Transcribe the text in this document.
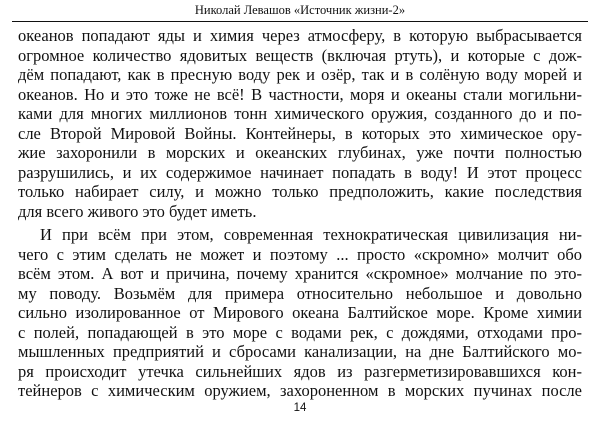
Николай Левашов «Источник жизни-2»
океанов попадают яды и химия через атмосферу, в которую выбрасывается
огромное количество ядовитых веществ (включая ртуть), и которые с дож-
дём попадают, как в пресную воду рек и озёр, так и в солёную воду морей и
океанов. Но и это тоже не всё! В частности, моря и океаны стали могильни-
ками для многих миллионов тонн химического оружия, созданного до и по-
сле Второй Мировой Войны. Контейнеры, в которых это химическое ору-
жие захоронили в морских и океанских глубинах, уже почти полностью
разрушились, и их содержимое начинает попадать в воду! И этот процесс
только набирает силу, и можно только предположить, какие последствия
для всего живого это будет иметь.
И при всём при этом, современная технократическая цивилизация ни-
чего с этим сделать не может и поэтому ... просто «скромно» молчит обо
всём этом. А вот и причина, почему хранится «скромное» молчание по это-
му поводу. Возьмём для примера относительно небольшое и довольно
сильно изолированное от Мирового океана Балтийское море. Кроме химии
с полей, попадающей в это море с водами рек, с дождями, отходами про-
мышленных предприятий и сбросами канализации, на дне Балтийского мо-
ря происходит утечка сильнейших ядов из разгерметизировавшихся кон-
тейнеров с химическим оружием, захороненном в морских пучинах после
14
